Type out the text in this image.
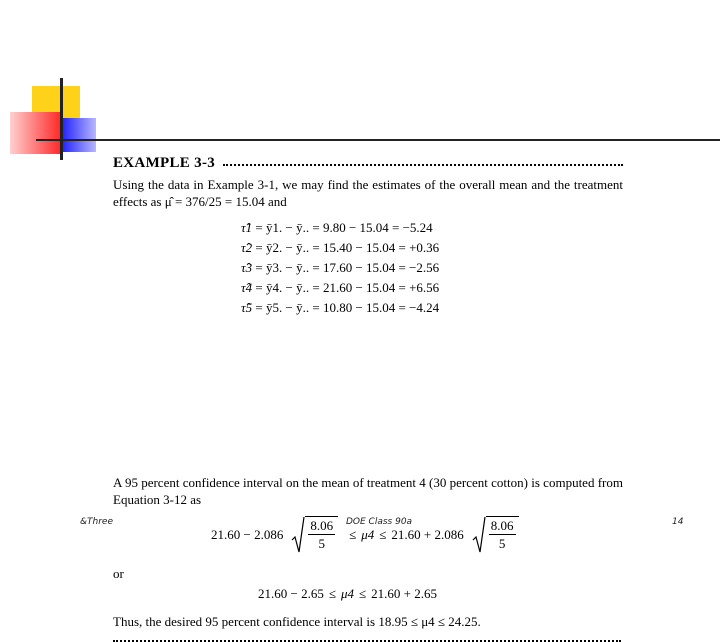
EXAMPLE 3-3
Using the data in Example 3-1, we may find the estimates of the overall mean and the treatment effects as μ̂ = 376/25 = 15.04 and
τ̂1 = ȳ1. − ȳ.. = 9.80 − 15.04 = −5.24
τ̂2 = ȳ2. − ȳ.. = 15.40 − 15.04 = +0.36
τ̂3 = ȳ3. − ȳ.. = 17.60 − 15.04 = −2.56
τ̂4 = ȳ4. − ȳ.. = 21.60 − 15.04 = +6.56
τ̂5 = ȳ5. − ȳ.. = 10.80 − 15.04 = −4.24
A 95 percent confidence interval on the mean of treatment 4 (30 percent cotton) is computed from Equation 3-12 as
$21.60 - 2.086 \frac{8.06}{5} \le \mu 4 \le 21.60 + 2.086 \frac{8.06}{5}$
or
21.60 − 2.65 ≤ μ4 ≤ 21.60 + 2.65
Thus, the desired 95 percent confidence interval is 18.95 ≤ μ4 ≤ 24.25.
&Three	DOE Class 90a	14
